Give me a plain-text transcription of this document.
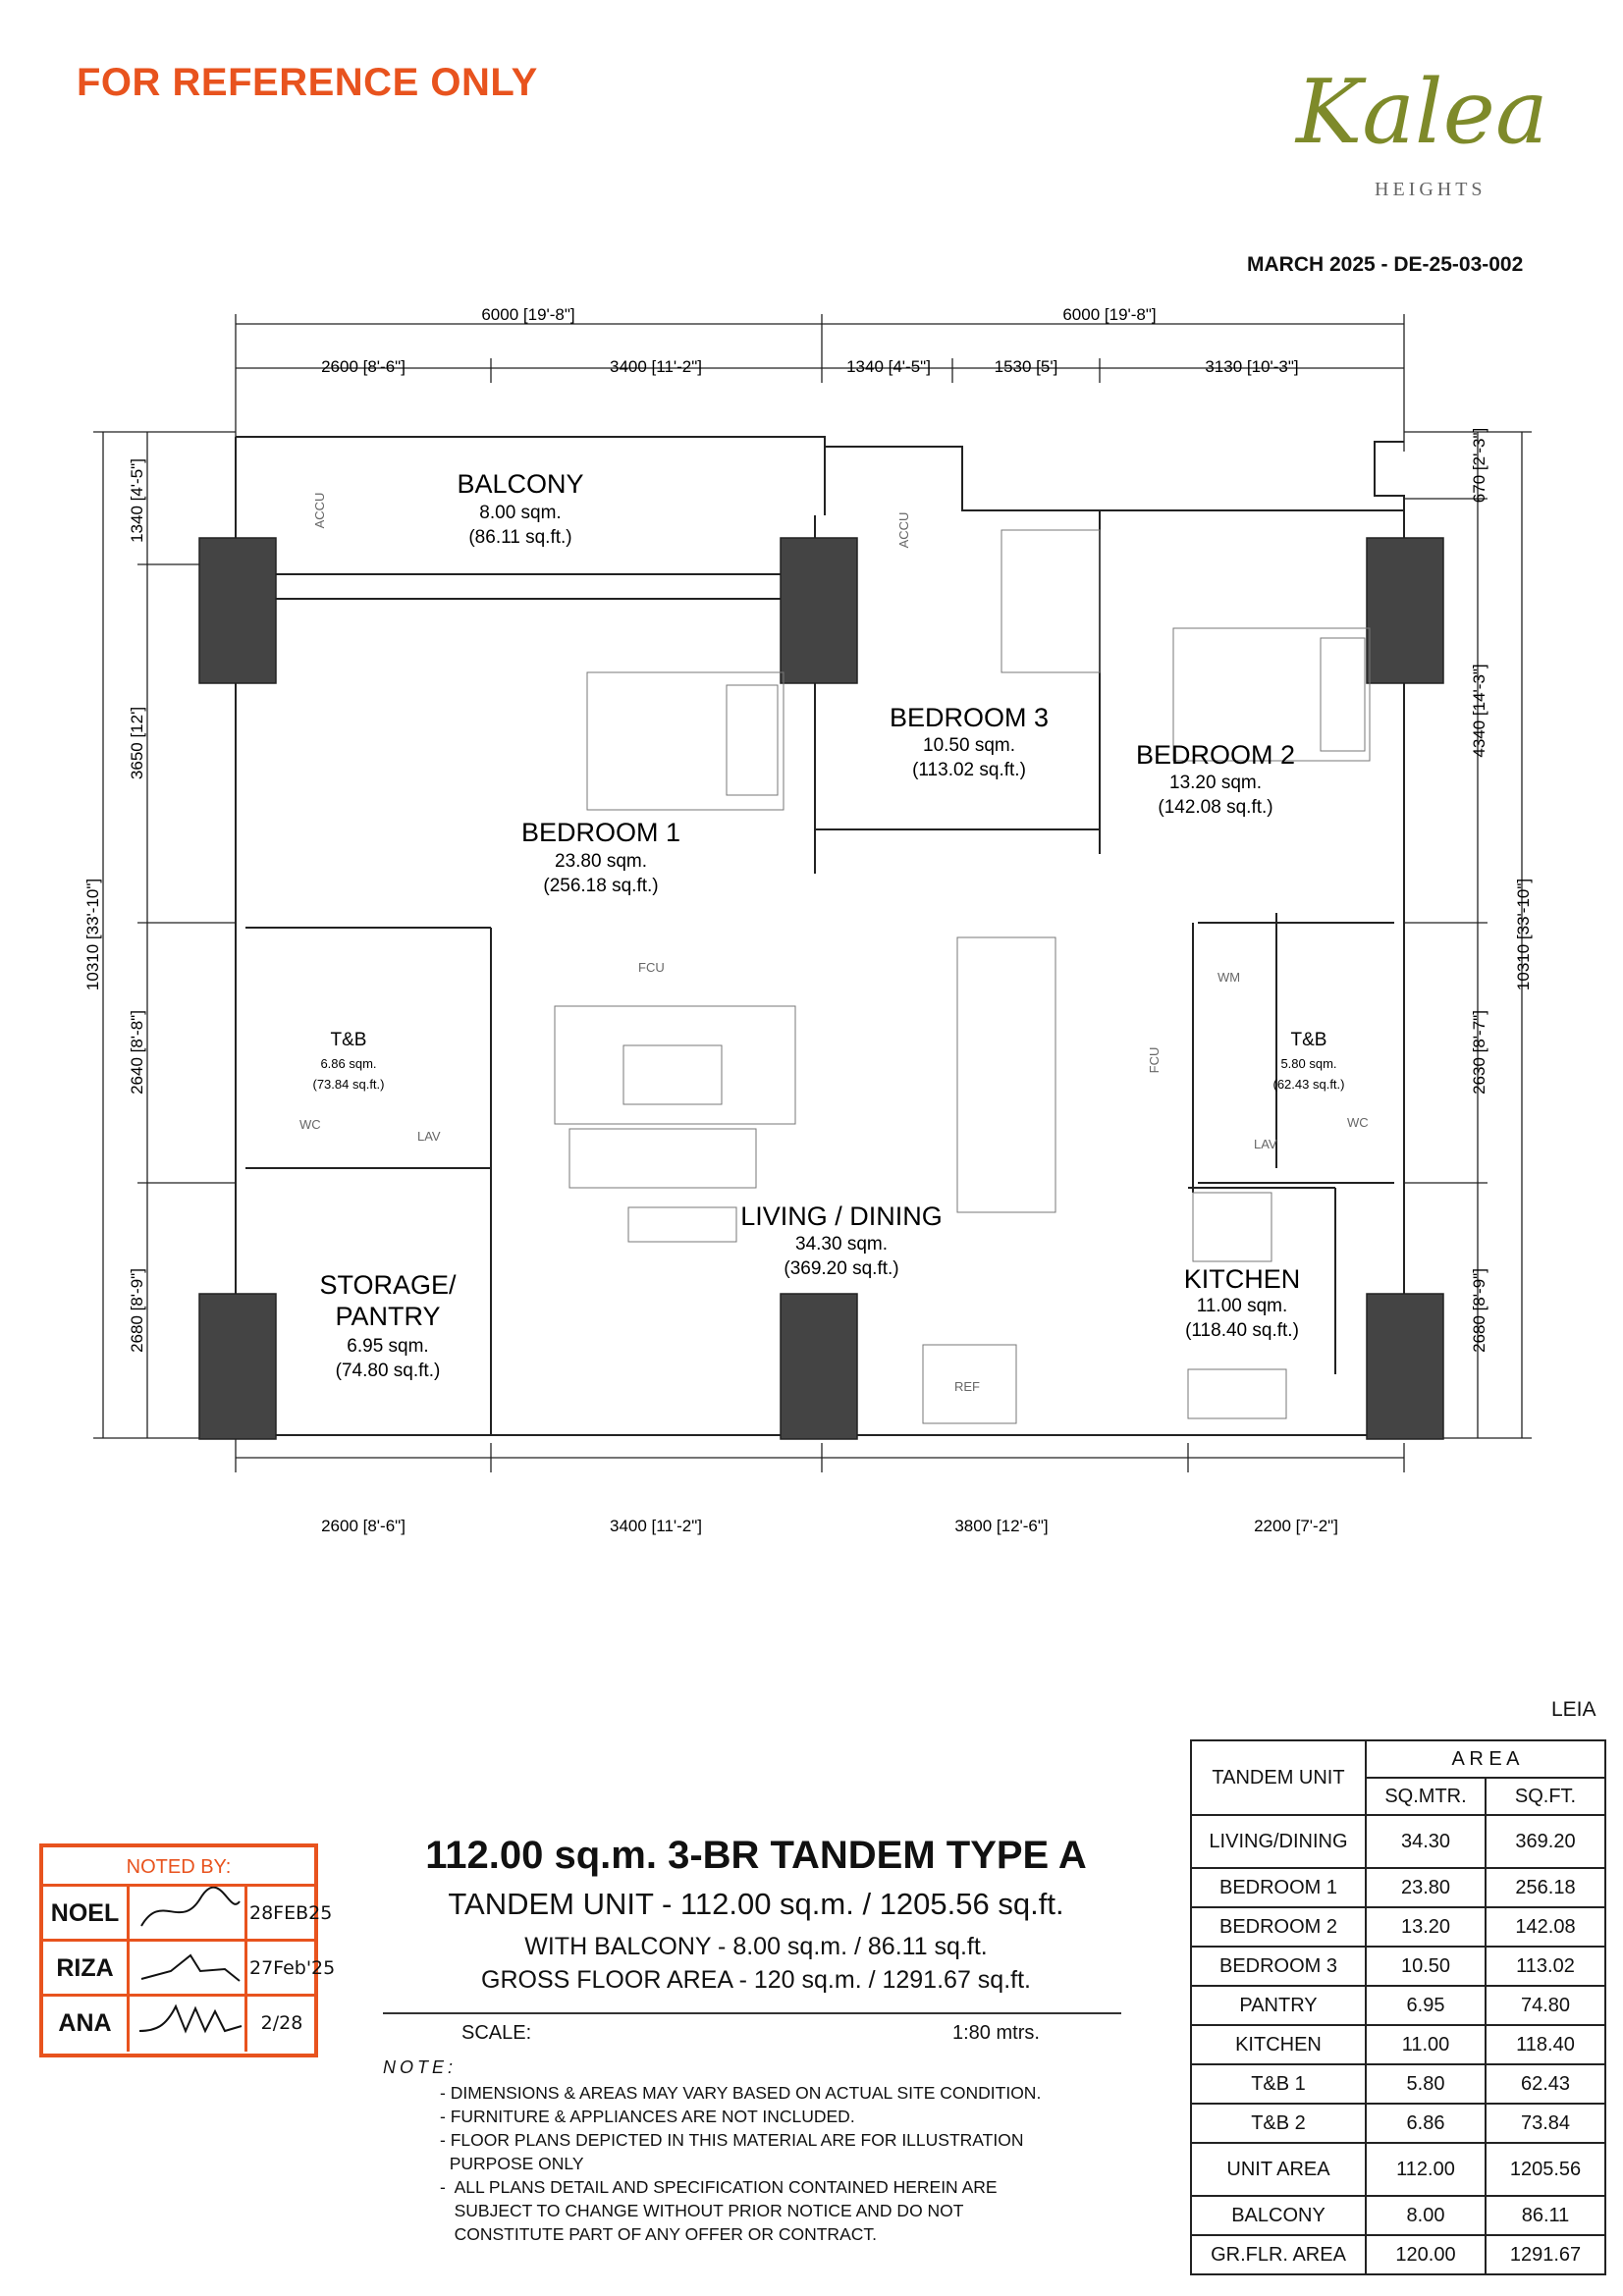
FOR REFERENCE ONLY	Kalea
HEIGHTS
MARCH 2025 - DE-25-03-002
6000 [19'-8"]	6000 [19'-8"]
2600 [8'-6"]	3400 [11'-2"]	1340 [4'-5"]	1530 [5']	3130 [10'-3"]
2600 [8'-6"]	3400 [11'-2"]	3800 [12'-6"]	2200 [7'-2"]
1340 [4'-5"]
3650 [12']
2640 [8'-8"]
2680 [8'-9"]
10310 [33'-10"]
670 [2'-3"]
4340 [14'-3"]
2630 [8'-7"]
2680 [8'-9"]
10310 [33'-10"]
BALCONY
8.00 sqm.
(86.11 sq.ft.)
BEDROOM 1
23.80 sqm.
(256.18 sq.ft.)
BEDROOM 3
10.50 sqm.
(113.02 sq.ft.)
BEDROOM 2
13.20 sqm.
(142.08 sq.ft.)
T&B
6.86 sqm.
(73.84 sq.ft.)
T&B
5.80 sqm.
(62.43 sq.ft.)
LIVING / DINING
34.30 sqm.
(369.20 sq.ft.)
STORAGE/
PANTRY
6.95 sqm.
(74.80 sq.ft.)
KITCHEN
11.00 sqm.
(118.40 sq.ft.)
ACCU
ACCU
FCU
FCU
WM
REF
WC
LAV
LAV
WC
NOTED BY:
NOEL	28FEB25
RIZA	27Feb'25
ANA	2/28
112.00 sq.m. 3-BR TANDEM TYPE A
TANDEM UNIT - 112.00 sq.m. / 1205.56 sq.ft.
WITH BALCONY - 8.00 sq.m. / 86.11 sq.ft.
GROSS FLOOR AREA - 120 sq.m. / 1291.67 sq.ft.
SCALE:	1:80 mtrs.
NOTE:
- DIMENSIONS & AREAS MAY VARY BASED ON ACTUAL SITE CONDITION.
- FURNITURE & APPLIANCES ARE NOT INCLUDED.
- FLOOR PLANS DEPICTED IN THIS MATERIAL ARE FOR ILLUSTRATION
PURPOSE ONLY
-  ALL PLANS DETAIL AND SPECIFICATION CONTAINED HEREIN ARE
SUBJECT TO CHANGE WITHOUT PRIOR NOTICE AND DO NOT
CONSTITUTE PART OF ANY OFFER OR CONTRACT.
LEIA
TANDEM UNIT	A R E A	
	SQ.MTR.	SQ.FT.
LIVING/DINING	34.30	369.20
BEDROOM 1	23.80	256.18
BEDROOM 2	13.20	142.08
BEDROOM 3	10.50	113.02
PANTRY	6.95	74.80
KITCHEN	11.00	118.40
T&B 1	5.80	62.43
T&B 2	6.86	73.84
UNIT AREA	112.00	1205.56
BALCONY	8.00	86.11
GR.FLR. AREA	120.00	1291.67
